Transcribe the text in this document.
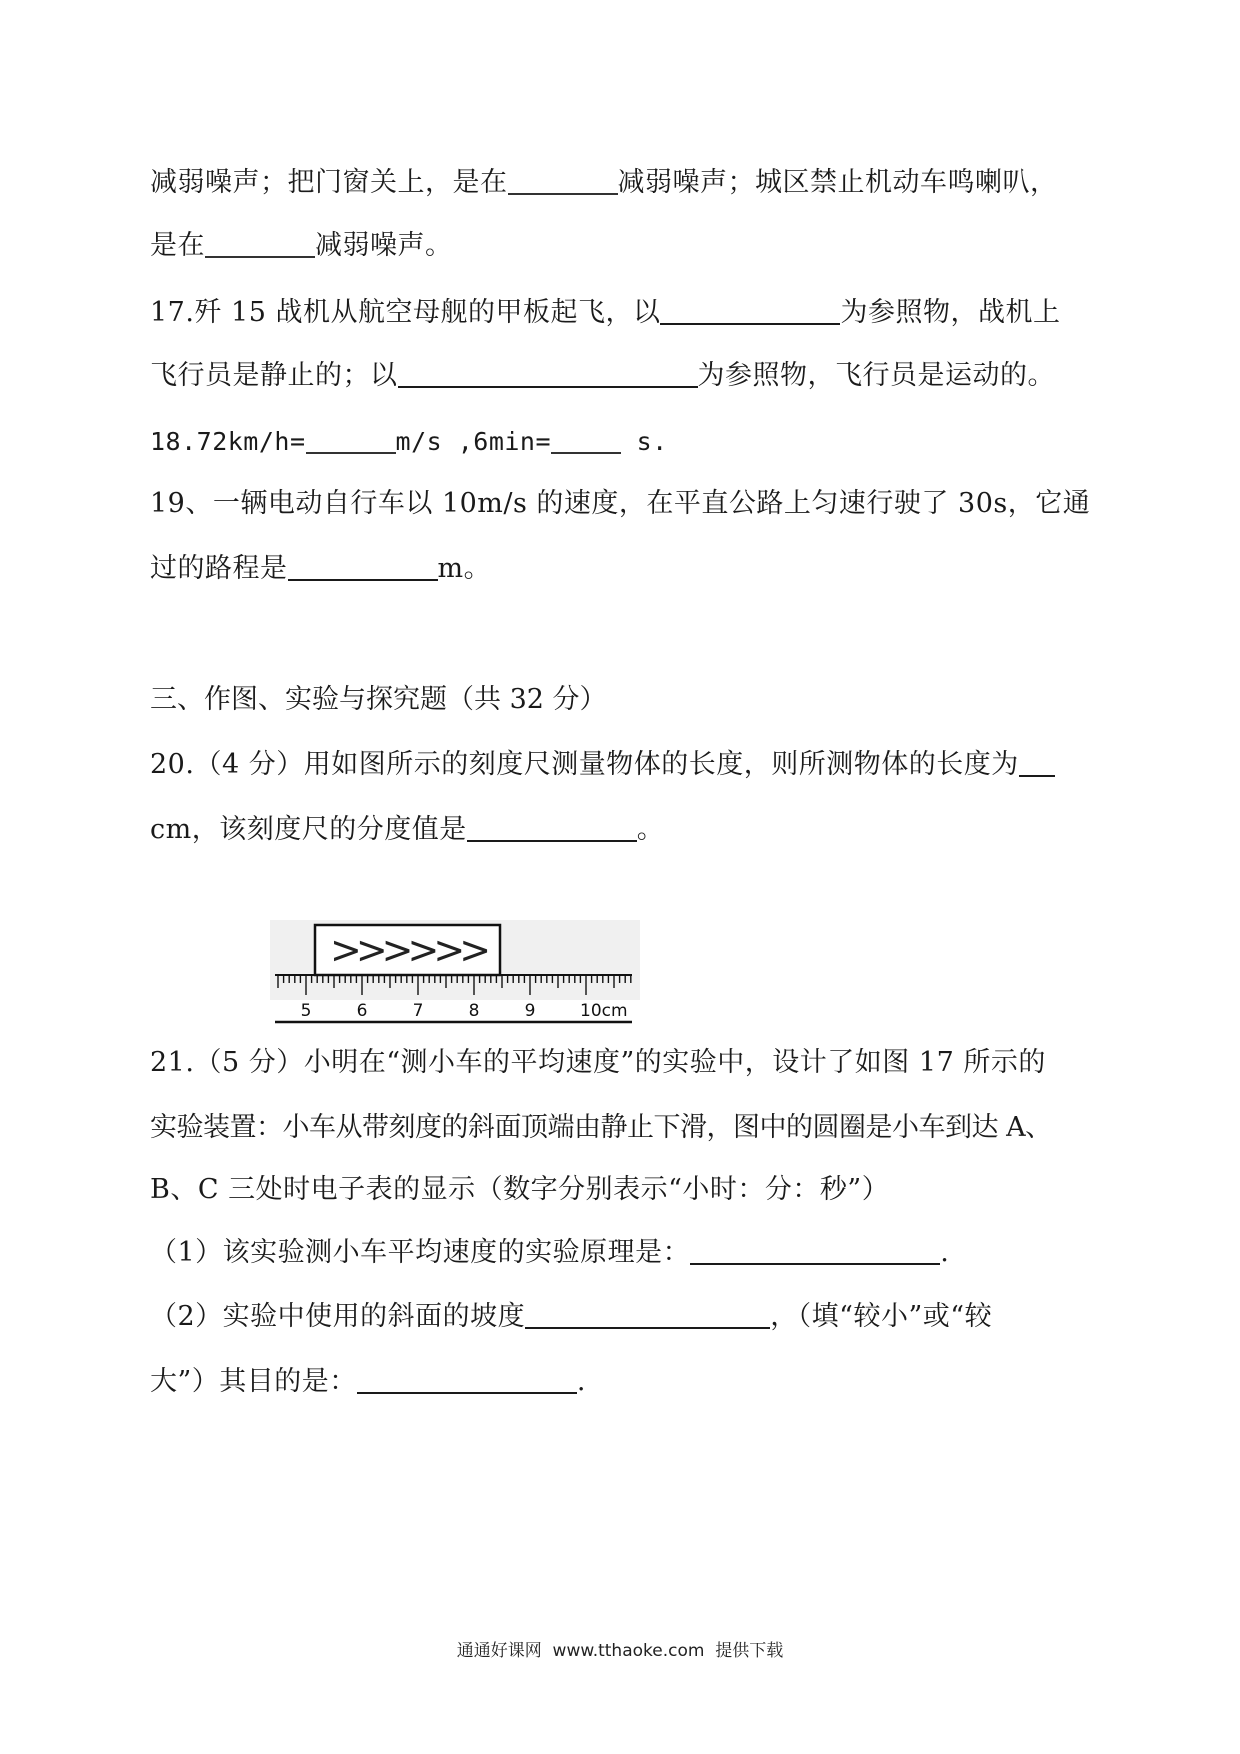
减弱噪声；把门窗关上，是在	减弱噪声；城区禁止机动车鸣喇叭，
是在	减弱噪声。
17.歼 15 战机从航空母舰的甲板起飞，以	为参照物，战机上
飞行员是静止的；以	为参照物，飞行员是运动的。
18.72km/h=	m/s ,6min=	s.
19、一辆电动自行车以 10m/s 的速度，在平直公路上匀速行驶了 30s，它通
过的路程是	m。
三、作图、实验与探究题（共 32 分）
20.（4 分）用如图所示的刻度尺测量物体的长度，则所测物体的长度为
cm，该刻度尺的分度值是	。
>>>>>>
5	6	7	8	9	10cm
21.（5 分）小明在“测小车的平均速度”的实验中，设计了如图 17 所示的
实验装置：小车从带刻度的斜面顶端由静止下滑，图中的圆圈是小车到达 A、
B、C 三处时电子表的显示（数字分别表示“小时：分：秒”）
（1）该实验测小车平均速度的实验原理是：	.
（2）实验中使用的斜面的坡度	，（填“较小”或“较
大”）其目的是：	.
通通好课网  www.tthaoke.com  提供下载
